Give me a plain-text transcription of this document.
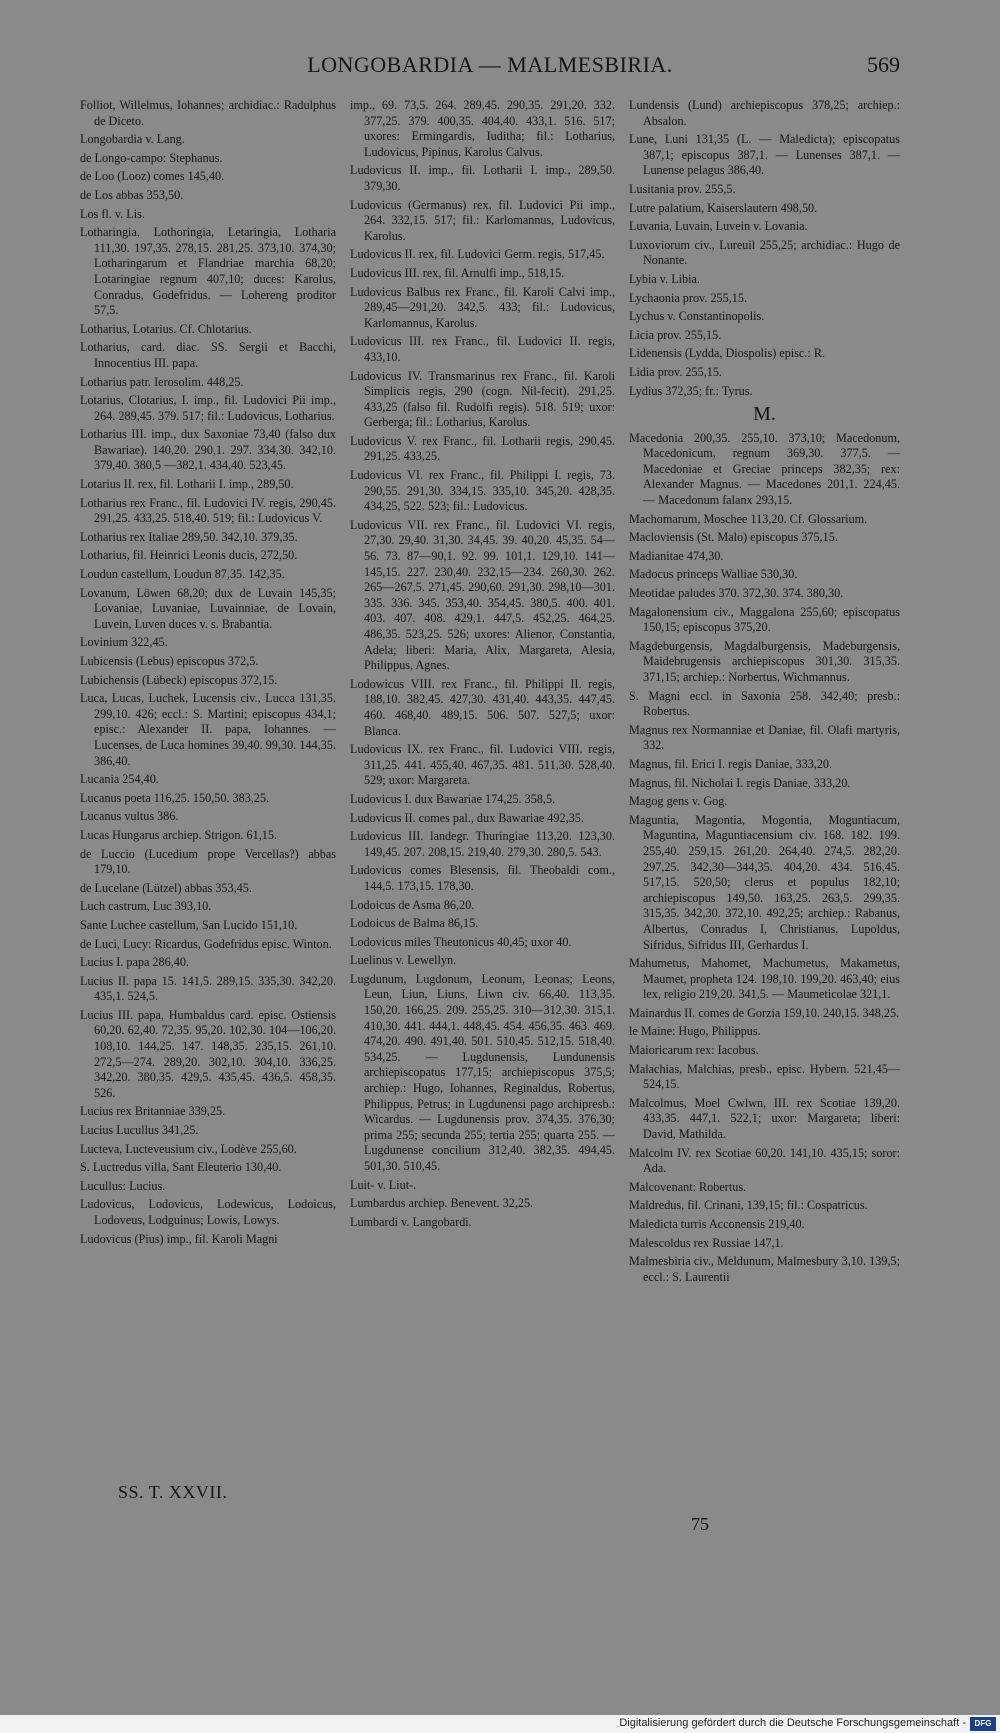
LONGOBARDIA — MALMESBIRIA.	569
Folliot, Willelmus, Iohannes; archidiac.: Radulphus de Diceto.
Longobardia v. Lang.
de Longo-campo: Stephanus.
de Loo (Looz) comes 145,40.
de Los abbas 353,50.
Los fl. v. Lis.
Lotharingia, Lothoringia, Letaringia, Lotharia 111,30. 197,35. 278,15. 281,25. 373,10. 374,30; Lotharingarum et Flandriae marchia 68,20; Lotaringiae regnum 407,10; duces: Karolus, Conradus, Godefridus. — Lohereng proditor 57,5.
Lotharius, Lotarius. Cf. Chlotarius.
Lotharius, card. diac. SS. Sergii et Bacchi, Innocentius III. papa.
Lotharius patr. Ierosolim. 448,25.
Lotarius, Clotarius, I. imp., fil. Ludovici Pii imp., 264. 289,45. 379. 517; fil.: Ludovicus, Lotharius.
Lotharius III. imp., dux Saxoniae 73,40 (falso dux Bawariae). 140,20. 290,1. 297. 334,30. 342,10. 379,40. 380,5 —382,1. 434,40. 523,45.
Lotarius II. rex, fil. Lotharii I. imp., 289,50.
Lotharius rex Franc., fil. Ludovici IV. regis, 290,45. 291,25. 433,25. 518,40. 519; fil.: Ludovicus V.
Lotharius rex Italiae 289,50. 342,10. 379,35.
Lotharius, fil. Heinrici Leonis ducis, 272,50.
Loudun castellum, Loudun 87,35. 142,35.
Lovanum, Löwen 68,20; dux de Luvain 145,35; Lovaniae, Luvaniae, Luvainniae, de Lovain, Luvein, Luven duces v. s. Brabantia.
Lovinium 322,45.
Lubicensis (Lebus) episcopus 372,5.
Lubichensis (Lübeck) episcopus 372,15.
Luca, Lucas, Luchek, Lucensis civ., Lucca 131,35. 299,10. 426; eccl.: S. Martini; episcopus 434,1; episc.: Alexander II. papa, Iohannes. — Lucenses, de Luca homines 39,40. 99,30. 144,35. 386,40.
Lucania 254,40.
Lucanus poeta 116,25. 150,50. 383,25.
Lucanus vultus 386.
Lucas Hungarus archiep. Strigon. 61,15.
de Luccio (Lucedium prope Vercellas?) abbas 179,10.
de Lucelane (Lützel) abbas 353,45.
Luch castrum, Luc 393,10.
Sante Luchee castellum, San Lucido 151,10.
de Luci, Lucy: Ricardus, Godefridus episc. Winton.
Lucius I. papa 286,40.
Lucius II. papa 15. 141,5. 289,15. 335,30. 342,20. 435,1. 524,5.
Lucius III. papa, Humbaldus card. episc. Ostiensis 60,20. 62,40. 72,35. 95,20. 102,30. 104—106,20. 108,10. 144,25. 147. 148,35. 235,15. 261,10. 272,5—274. 289,20. 302,10. 304,10. 336,25. 342,20. 380,35. 429,5. 435,45. 436,5. 458,35. 526.
Lucius rex Britanniae 339,25.
Lucius Lucullus 341,25.
Lucteva, Lucteveusium civ., Lodève 255,60.
S. Luctredus villa, Sant Eleuterio 130,40.
Lucullus: Lucius.
Ludovicus, Lodovicus, Lodewicus, Lodoicus, Lodoveus, Lodguinus; Lowis, Lowys.
Ludovicus (Pius) imp., fil. Karoli Magni
imp., 69. 73,5. 264. 289,45. 290,35. 291,20. 332. 377,25. 379. 400,35. 404,40. 433,1. 516. 517; uxores: Ermingardis, Iuditha; fil.: Lotharius, Ludovicus, Pipinus, Karolus Calvus.
Ludovicus II. imp., fil. Lotharii I. imp., 289,50. 379,30.
Ludovicus (Germanus) rex, fil. Ludovici Pii imp., 264. 332,15. 517; fil.: Karlomannus, Ludovicus, Karolus.
Ludovicus II. rex, fil. Ludovici Germ. regis, 517,45.
Ludovicus III. rex, fil. Arnulfi imp., 518,15.
Ludovicus Balbus rex Franc., fil. Karoli Calvi imp., 289,45—291,20. 342,5. 433; fil.: Ludovicus, Karlomannus, Karolus.
Ludovicus III. rex Franc., fil. Ludovici II. regis, 433,10.
Ludovicus IV. Transmarinus rex Franc., fil. Karoli Simplicis regis, 290 (cogn. Nil-fecit). 291,25. 433,25 (falso fil. Rudolfi regis). 518. 519; uxor: Gerberga; fil.: Lotharius, Karolus.
Ludovicus V. rex Franc., fil. Lotharii regis, 290,45. 291,25. 433,25.
Ludovicus VI. rex Franc., fil. Philippi I. regis, 73. 290,55. 291,30. 334,15. 335,10. 345,20. 428,35. 434,25, 522. 523; fil.: Ludovicus.
Ludovicus VII. rex Franc., fil. Ludovici VI. regis, 27,30. 29,40. 31,30. 34,45. 39. 40,20. 45,35. 54—56. 73. 87—90,1. 92. 99. 101,1. 129,10. 141—145,15. 227. 230,40. 232,15—234. 260,30. 262. 265—267,5. 271,45. 290,60. 291,30. 298,10—301. 335. 336. 345. 353,40. 354,45. 380,5. 400. 401. 403. 407. 408. 429,1. 447,5. 452,25. 464,25. 486,35. 523,25. 526; uxores: Alienor, Constantia, Adela; liberi: Maria, Alix, Margareta, Alesia, Philippus, Agnes.
Lodowicus VIII. rex Franc., fil. Philippi II. regis, 188,10. 382,45. 427,30. 431,40. 443,35. 447,45. 460. 468,40. 489,15. 506. 507. 527,5; uxor: Blanca.
Ludovicus IX. rex Franc., fil. Ludovici VIII. regis, 311,25. 441. 455,40. 467,35. 481. 511,30. 528,40. 529; uxor: Margareta.
Ludovicus I. dux Bawariae 174,25. 358,5.
Ludovicus II. comes pal., dux Bawariae 492,35.
Ludovicus III. landegr. Thuringiae 113,20. 123,30. 149,45. 207. 208,15. 219,40. 279,30. 280,5. 543.
Ludovicus comes Blesensis, fil. Theobaldi com., 144,5. 173,15. 178,30.
Lodoicus de Asma 86,20.
Lodoicus de Balma 86,15.
Lodovicus miles Theutonicus 40,45; uxor 40.
Luelinus v. Lewellyn.
Lugdunum, Lugdonum, Leonum, Leonas; Leons, Leun, Liun, Liuns, Liwn civ. 66,40. 113,35. 150,20. 166,25. 209. 255,25. 310—312,30. 315,1. 410,30. 441. 444,1. 448,45. 454. 456,35. 463. 469. 474,20. 490. 491,40. 501. 510,45. 512,15. 518,40. 534,25. — Lugdunensis, Lundunensis archiepiscopatus 177,15; archiepiscopus 375,5; archiep.: Hugo, Iohannes, Reginaldus, Robertus, Philippus, Petrus; in Lugdunensi pago archipresb.: Wicardus. — Lugdunensis prov. 374,35. 376,30; prima 255; secunda 255; tertia 255; quarta 255. — Lugdunense concilium 312,40. 382,35. 494,45. 501,30. 510,45.
Luit- v. Liut-.
Lumbardus archiep. Benevent. 32,25.
Lumbardi v. Langobardi.
Lundensis (Lund) archiepiscopus 378,25; archiep.: Absalon.
Lune, Luni 131,35 (L. — Maledicta); episcopatus 387,1; episcopus 387,1. — Lunenses 387,1. — Lunense pelagus 386,40.
Lusitania prov. 255,5.
Lutre palatium, Kaiserslautern 498,50.
Luvania, Luvain, Luvein v. Lovania.
Luxoviorum civ., Lureuil 255,25; archidiac.: Hugo de Nonante.
Lybia v. Libia.
Lychaonia prov. 255,15.
Lychus v. Constantinopolis.
Licia prov. 255,15.
Lidenensis (Lydda, Diospolis) episc.: R.
Lidia prov. 255,15.
Lydius 372,35; fr.: Tyrus.
M.
Macedonia 200,35. 255,10. 373,10; Macedonum, Macedonicum, regnum 369,30. 377,5. — Macedoniae et Greciae princeps 382,35; rex: Alexander Magnus. — Macedones 201,1. 224,45. — Macedonum falanx 293,15.
Machomarum, Moschee 113,20. Cf. Glossarium.
Macloviensis (St. Malo) episcopus 375,15.
Madianitae 474,30.
Madocus princeps Walliae 530,30.
Meotidae paludes 370. 372,30. 374. 380,30.
Magalonensium civ., Maggalona 255,60; episcopatus 150,15; episcopus 375,20.
Magdeburgensis, Magdalburgensis, Madeburgensis, Maidebrugensis archiepiscopus 301,30. 315,35. 371,15; archiep.: Norbertus, Wichmannus.
S. Magni eccl. in Saxonia 258. 342,40; presb.: Robertus.
Magnus rex Normanniae et Daniae, fil. Olafi martyris, 332.
Magnus, fil. Erici I. regis Daniae, 333,20.
Magnus, fil. Nicholai I. regis Daniae, 333,20.
Magog gens v. Gog.
Maguntia, Magontia, Mogontia, Moguntiacum, Maguntina, Maguntiacensium civ. 168. 182. 199. 255,40. 259,15. 261,20. 264,40. 274,5. 282,20. 297,25. 342,30—344,35. 404,20. 434. 516,45. 517,15. 520,50; clerus et populus 182,10; archiepiscopus 149,50. 163,25. 263,5. 299,35. 315,35. 342,30. 372,10. 492,25; archiep.: Rabanus, Albertus, Conradus I, Christianus, Lupoldus, Sifridus, Sifridus III, Gerhardus I.
Mahumetus, Mahomet, Machumetus, Makametus, Maumet, propheta 124. 198,10. 199,20. 463,40; eius lex, religio 219,20. 341,5. — Maumeticolae 321,1.
Mainardus II. comes de Gorzia 159,10. 240,15. 348,25.
le Maine: Hugo, Philippus.
Maioricarum rex: Iacobus.
Malachias, Malchias, presb., episc. Hybern. 521,45—524,15.
Malcolmus, Moel Cwlwn, III. rex Scotiae 139,20. 433,35. 447,1. 522,1; uxor: Margareta; liberi: David, Mathilda.
Malcolm IV. rex Scotiae 60,20. 141,10. 435,15; soror: Ada.
Malcovenant: Robertus.
Maldredus, fil. Crinani, 139,15; fil.: Cospatricus.
Maledicta turris Acconensis 219,40.
Malescoldus rex Russiae 147,1.
Malmesbiria civ., Meldunum, Malmesbury 3,10. 139,5; eccl.: S. Laurentii
SS. T. XXVII.
75
Digitalisierung gefördert durch die Deutsche Forschungsgemeinschaft -	DFG
